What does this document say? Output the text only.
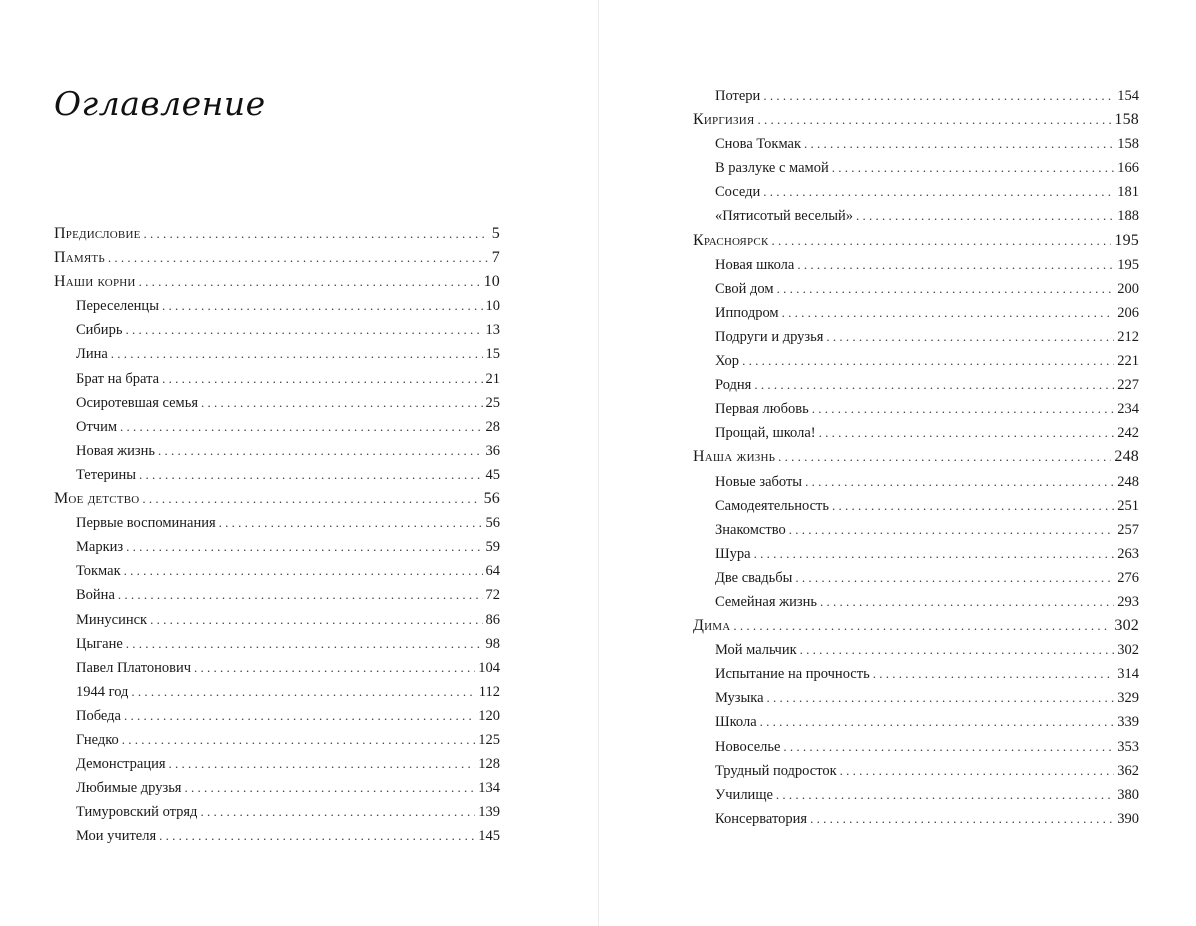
Оглавление
Предисловие . . .	5
Память . . .	7
Наши корни . . .	10
Переселенцы . . .	10
Сибирь . . .	13
Лина . . .	15
Брат на брата . . .	21
Осиротевшая семья . . .	25
Отчим . . .	28
Новая жизнь . . .	36
Тетерины . . .	45
Мое детство . . .	56
Первые воспоминания . . .	56
Маркиз . . .	59
Токмак . . .	64
Война . . .	72
Минусинск . . .	86
Цыгане . . .	98
Павел Платонович . . .	104
1944 год . . .	112
Победа . . .	120
Гнедко . . .	125
Демонстрация . . .	128
Любимые друзья . . .	134
Тимуровский отряд . . .	139
Мои учителя . . .	145
Потери . . .	154
Киргизия . . .	158
Снова Токмак . . .	158
В разлуке с мамой . . .	166
Соседи . . .	181
«Пятисотый веселый» . . .	188
Красноярск . . .	195
Новая школа . . .	195
Свой дом . . .	200
Ипподром . . .	206
Подруги и друзья . . .	212
Хор . . .	221
Родня . . .	227
Первая любовь . . .	234
Прощай, школа! . . .	242
Наша жизнь . . .	248
Новые заботы . . .	248
Самодеятельность . . .	251
Знакомство . . .	257
Шура . . .	263
Две свадьбы . . .	276
Семейная жизнь . . .	293
Дима . . .	302
Мой мальчик . . .	302
Испытание на прочность . . .	314
Музыка . . .	329
Школа . . .	339
Новоселье . . .	353
Трудный подросток . . .	362
Училище . . .	380
Консерватория . . .	390
